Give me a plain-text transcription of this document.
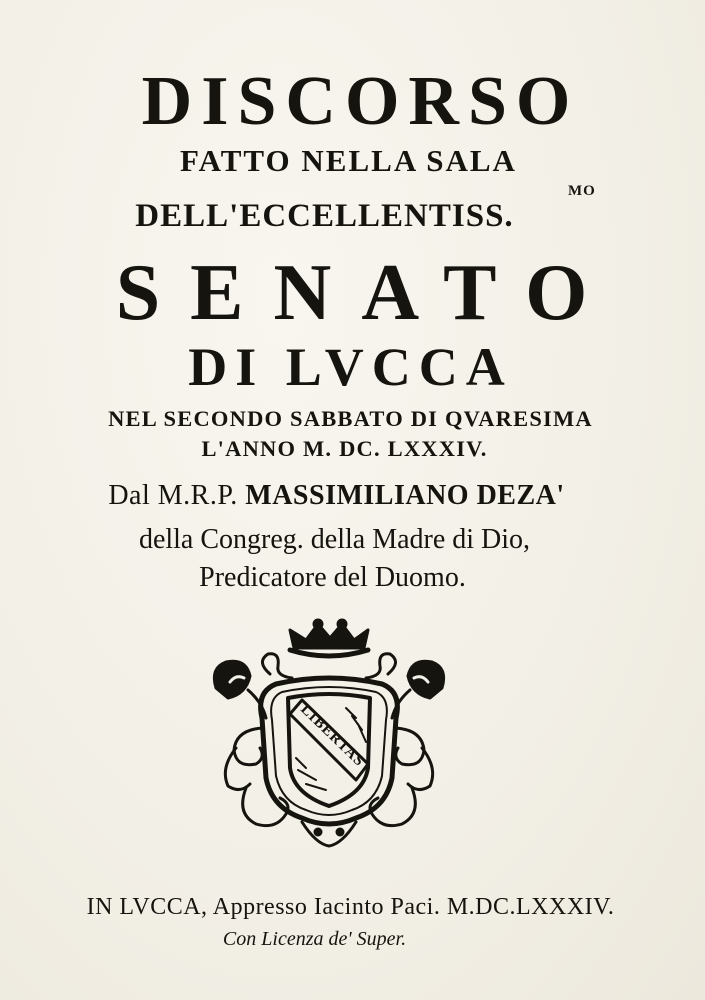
DISCORSO
FATTO NELLA SALA
DELL'ECCELLENTISS.
MO
SENATO
DI LVCCA
NEL SECONDO SABBATO DI QVARESIMA
L'ANNO M. DC. LXXXIV.
Dal M.R.P. MASSIMILIANO DEZA'
della Congreg. della Madre di Dio,
Predicatore del Duomo.
LIBERTAS
IN LVCCA, Appresso Iacinto Paci. M.DC.LXXXIV.
Con Licenza de' Super.
